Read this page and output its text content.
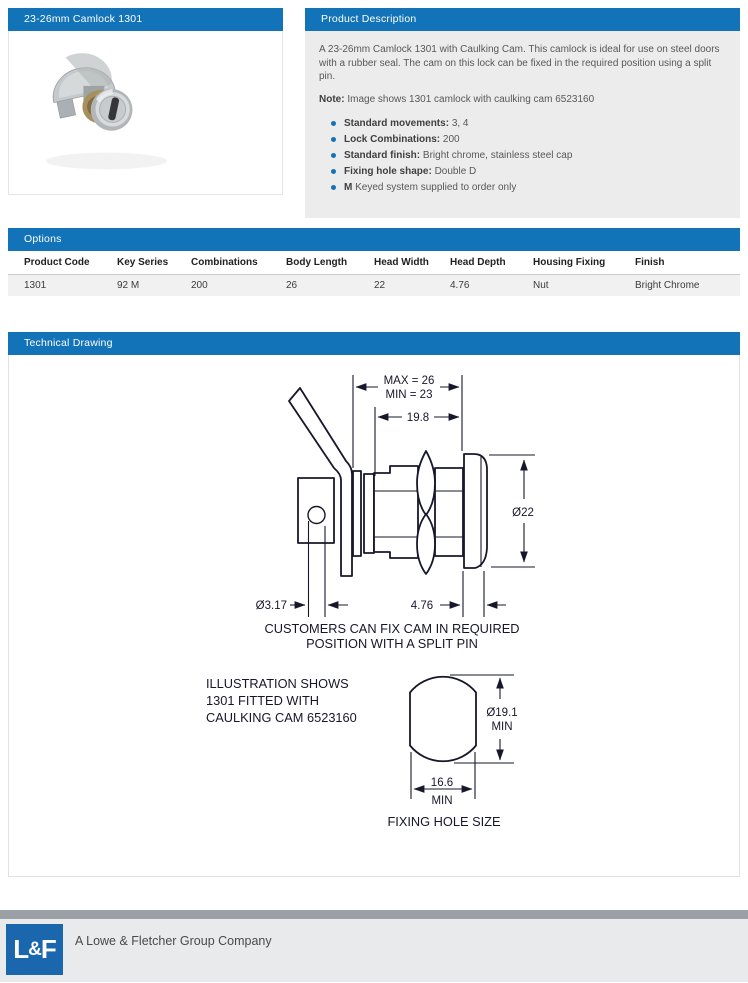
23-26mm Camlock 1301	Product Description

A 23-26mm Camlock 1301 with Caulking Cam. This camlock is ideal for use on steel doors with a rubber seal. The cam on this lock can be fixed in the required position using a split pin.

Note: Image shows 1301 camlock with caulking cam 6523160

Standard movements: 3, 4
Lock Combinations: 200
Standard finish: Bright chrome, stainless steel cap
Fixing hole shape: Double D
M Keyed system supplied to order only
Options
Product Code	Key Series	Combinations	Body Length	Head Width	Head Depth	Housing Fixing	Finish
1301	92 M	200	26	22	4.76	Nut	Bright Chrome
Technical Drawing
MAX = 26
MIN = 23
19.8
Ø22
Ø3.17	4.76
CUSTOMERS CAN FIX CAM IN REQUIRED
POSITION WITH A SPLIT PIN
ILLUSTRATION SHOWS
1301 FITTED WITH
CAULKING CAM 6523160	Ø19.1
MIN
16.6
MIN
FIXING HOLE SIZE
L & F A Lowe & Fletcher Group Company
